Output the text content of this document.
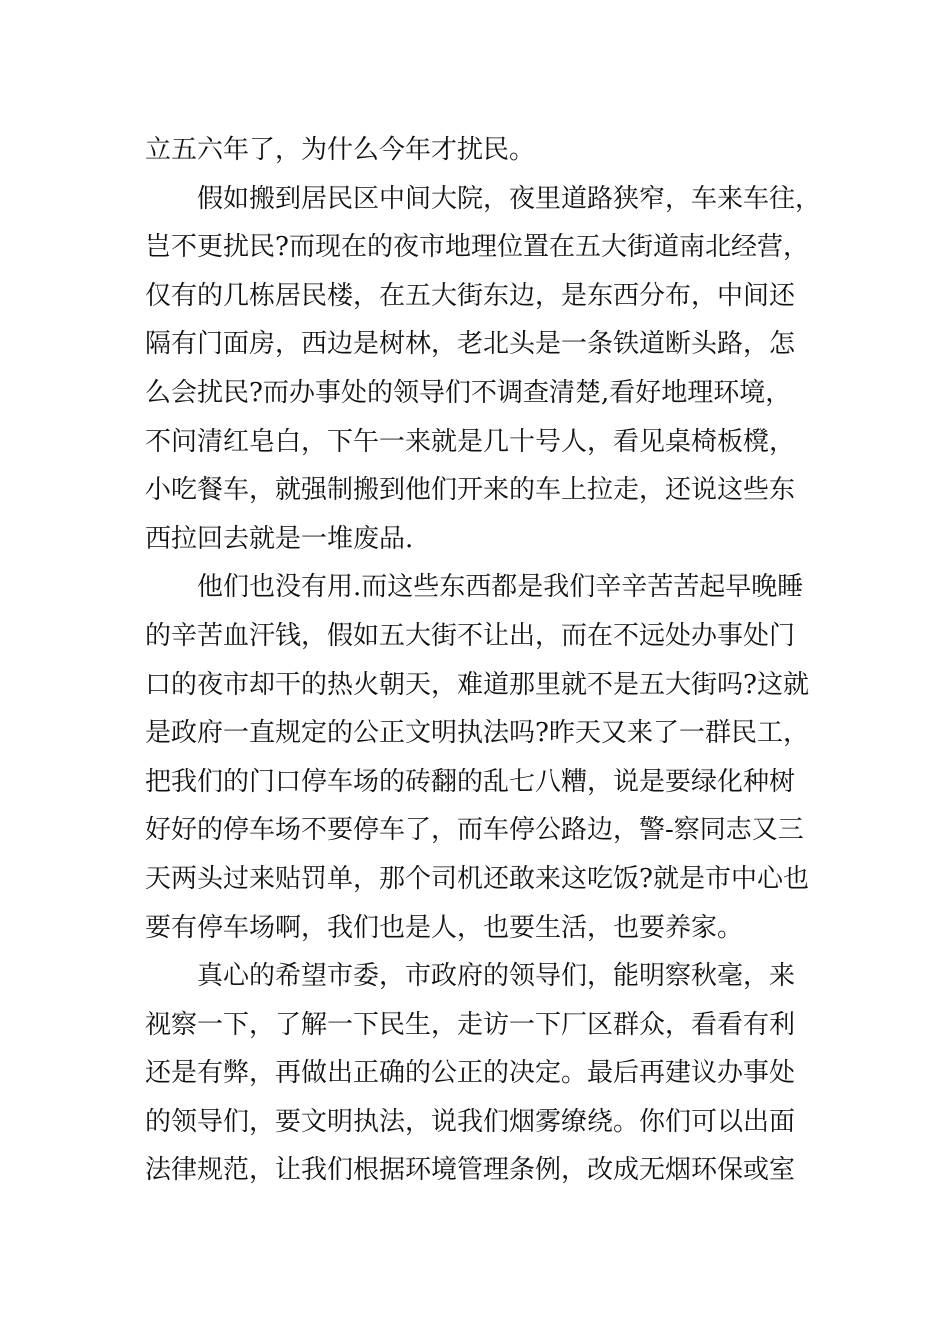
立五六年了，为什么今年才扰民。
　　假如搬到居民区中间大院，夜里道路狭窄，车来车往，
岂不更扰民?而现在的夜市地理位置在五大街道南北经营，
仅有的几栋居民楼，在五大街东边，是东西分布，中间还
隔有门面房，西边是树林，老北头是一条铁道断头路，怎
么会扰民?而办事处的领导们不调查清楚,看好地理环境，
不问清红皂白，下午一来就是几十号人，看见桌椅板櫈，
小吃餐车，就强制搬到他们开来的车上拉走，还说这些东
西拉回去就是一堆废品.
　　他们也没有用.而这些东西都是我们辛辛苦苦起早晚睡
的辛苦血汗钱，假如五大街不让出，而在不远处办事处门
口的夜市却干的热火朝天，难道那里就不是五大街吗?这就
是政府一直规定的公正文明执法吗?昨天又来了一群民工，
把我们的门口停车场的砖翻的乱七八糟，说是要绿化种树
好好的停车场不要停车了，而车停公路边，警-察同志又三
天两头过来贴罚单，那个司机还敢来这吃饭?就是市中心也
要有停车场啊，我们也是人，也要生活，也要养家。
　　真心的希望市委，市政府的领导们，能明察秋毫，来
视察一下，了解一下民生，走访一下厂区群众，看看有利
还是有弊，再做出正确的公正的决定。最后再建议办事处
的领导们，要文明执法，说我们烟雾缭绕。你们可以出面
法律规范，让我们根据环境管理条例，改成无烟环保或室
